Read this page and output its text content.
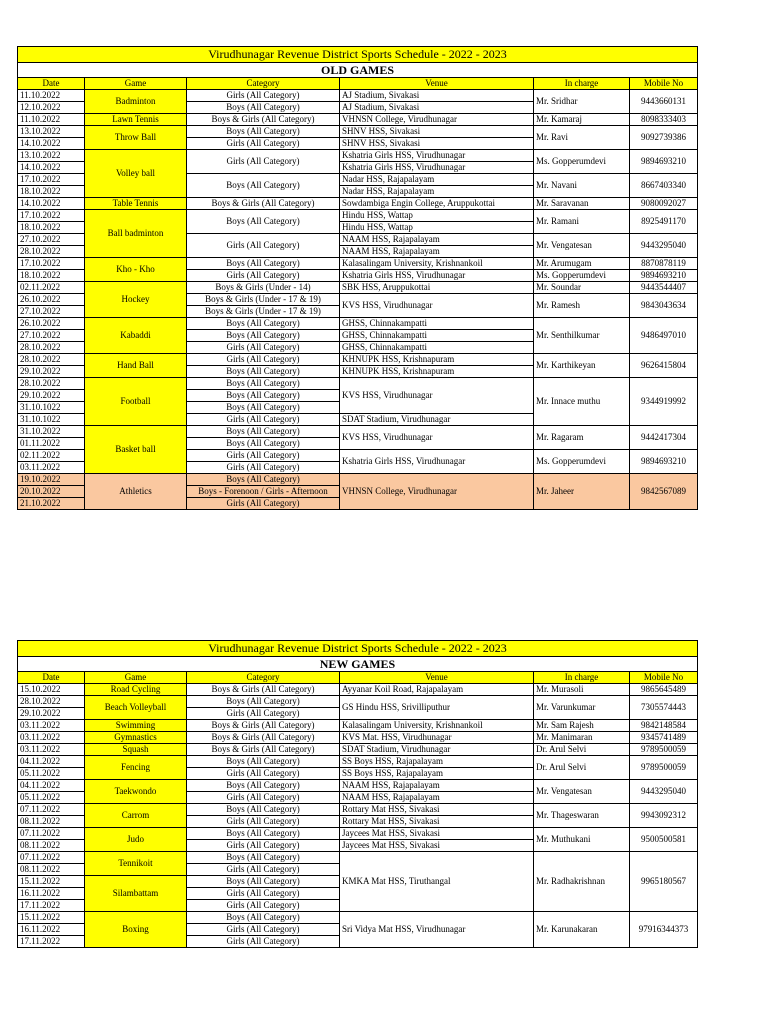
Virudhunagar Revenue District Sports Schedule - 2022 - 2023					
OLD GAMES					
Date	Game	Category	Venue	In charge	Mobile No
11.10.2022	Badminton	Girls (All Category)	AJ Stadium, Sivakasi	Mr. Sridhar	9443660131
12.10.2022		Boys (All Category)	AJ Stadium, Sivakasi		
11.10.2022	Lawn Tennis	Boys & Girls (All Category)	VHNSN College, Virudhunagar	Mr. Kamaraj	8098333403
13.10.2022	Throw Ball	Boys (All Category)	SHNV HSS, Sivakasi	Mr. Ravi	9092739386
14.10.2022		Girls (All Category)	SHNV HSS, Sivakasi		
13.10.2022	Volley ball	Girls (All Category)	Kshatria Girls HSS, Virudhunagar	Ms. Gopperumdevi	9894693210
14.10.2022			Kshatria Girls HSS, Virudhunagar		
17.10.2022		Boys (All Category)	Nadar HSS, Rajapalayam	Mr. Navani	8667403340
18.10.2022			Nadar HSS, Rajapalayam		
14.10.2022	Table Tennis	Boys & Girls (All Category)	Sowdambiga Engin College, Aruppukottai	Mr. Saravanan	9080092027
17.10.2022	Ball badminton	Boys (All Category)	Hindu HSS, Wattap	Mr. Ramani	8925491170
18.10.2022			Hindu HSS, Wattap		
27.10.2022		Girls (All Category)	NAAM HSS, Rajapalayam	Mr. Vengatesan	9443295040
28.10.2022			NAAM HSS, Rajapalayam		
17.10.2022	Kho - Kho	Boys (All Category)	Kalasalingam University, Krishnankoil	Mr. Arumugam	8870878119
18.10.2022		Girls (All Category)	Kshatria Girls HSS, Virudhunagar	Ms. Gopperumdevi	9894693210
02.11.2022	Hockey	Boys & Girls (Under - 14)	SBK HSS, Aruppukottai	Mr. Soundar	9443544407
26.10.2022		Boys & Girls (Under - 17 & 19)	KVS HSS, Virudhunagar	Mr. Ramesh	9843043634
27.10.2022		Boys & Girls (Under - 17 & 19)			
26.10.2022	Kabaddi	Boys (All Category)	GHSS, Chinnakampatti	Mr. Senthilkumar	9486497010
27.10.2022		Boys (All Category)	GHSS, Chinnakampatti		
28.10.2022		Girls (All Category)	GHSS, Chinnakampatti		
28.10.2022	Hand Ball	Girls (All Category)	KHNUPK HSS, Krishnapuram	Mr. Karthikeyan	9626415804
29.10.2022		Boys (All Category)	KHNUPK HSS, Krishnapuram		
28.10.2022	Football	Boys (All Category)	KVS HSS, Virudhunagar	Mr. Innace muthu	9344919992
29.10.2022		Boys (All Category)			
31.10.1022		Boys (All Category)			
31.10.1022		Girls (All Category)	SDAT Stadium, Virudhunagar		
31.10.2022	Basket ball	Boys (All Category)	KVS HSS, Virudhunagar	Mr. Ragaram	9442417304
01.11.2022		Boys (All Category)			
02.11.2022		Girls (All Category)	Kshatria Girls HSS, Virudhunagar	Ms. Gopperumdevi	9894693210
03.11.2022		Girls (All Category)			
19.10.2022	Athletics	Boys (All Category)	VHNSN College, Virudhunagar	Mr. Jaheer	9842567089
20.10.2022		Boys - Forenoon / Girls - Afternoon			
21.10.2022		Girls (All Category)			
Virudhunagar Revenue District Sports Schedule - 2022 - 2023					
NEW GAMES					
Date	Game	Category	Venue	In charge	Mobile No
15.10.2022	Road Cycling	Boys & Girls (All Category)	Ayyanar Koil Road, Rajapalayam	Mr. Murasoli	9865645489
28.10.2022	Beach Volleyball	Boys (All Category)	GS Hindu HSS, Srivilliputhur	Mr. Varunkumar	7305574443
29.10.2022		Girls (All Category)			
03.11.2022	Swimming	Boys & Girls (All Category)	Kalasalingam University, Krishnankoil	Mr. Sam Rajesh	9842148584
03.11.2022	Gymnastics	Boys & Girls (All Category)	KVS Mat. HSS, Virudhunagar	Mr. Manimaran	9345741489
03.11.2022	Squash	Boys & Girls (All Category)	SDAT Stadium, Virudhunagar	Dr. Arul Selvi	9789500059
04.11.2022	Fencing	Boys (All Category)	SS Boys HSS, Rajapalayam	Dr. Arul Selvi	9789500059
05.11.2022		Girls (All Category)	SS Boys HSS, Rajapalayam		
04.11.2022	Taekwondo	Boys (All Category)	NAAM HSS, Rajapalayam	Mr. Vengatesan	9443295040
05.11.2022		Girls (All Category)	NAAM HSS, Rajapalayam		
07.11.2022	Carrom	Boys (All Category)	Rottary Mat HSS, Sivakasi	Mr. Thageswaran	9943092312
08.11.2022		Girls (All Category)	Rottary Mat HSS, Sivakasi		
07.11.2022	Judo	Boys (All Category)	Jaycees Mat HSS, Sivakasi	Mr. Muthukani	9500500581
08.11.2022		Girls (All Category)	Jaycees Mat HSS, Sivakasi		
07.11.2022	Tennikoit	Boys (All Category)	KMKA Mat HSS, Tiruthangal	Mr. Radhakrishnan	9965180567
08.11.2022		Girls (All Category)			
15.11.2022	Silambattam	Boys (All Category)			
16.11.2022		Girls (All Category)			
17.11.2022		Girls (All Category)			
15.11.2022	Boxing	Boys (All Category)	Sri Vidya Mat HSS, Virudhunagar	Mr. Karunakaran	97916344373
16.11.2022		Girls (All Category)			
17.11.2022		Girls (All Category)			
